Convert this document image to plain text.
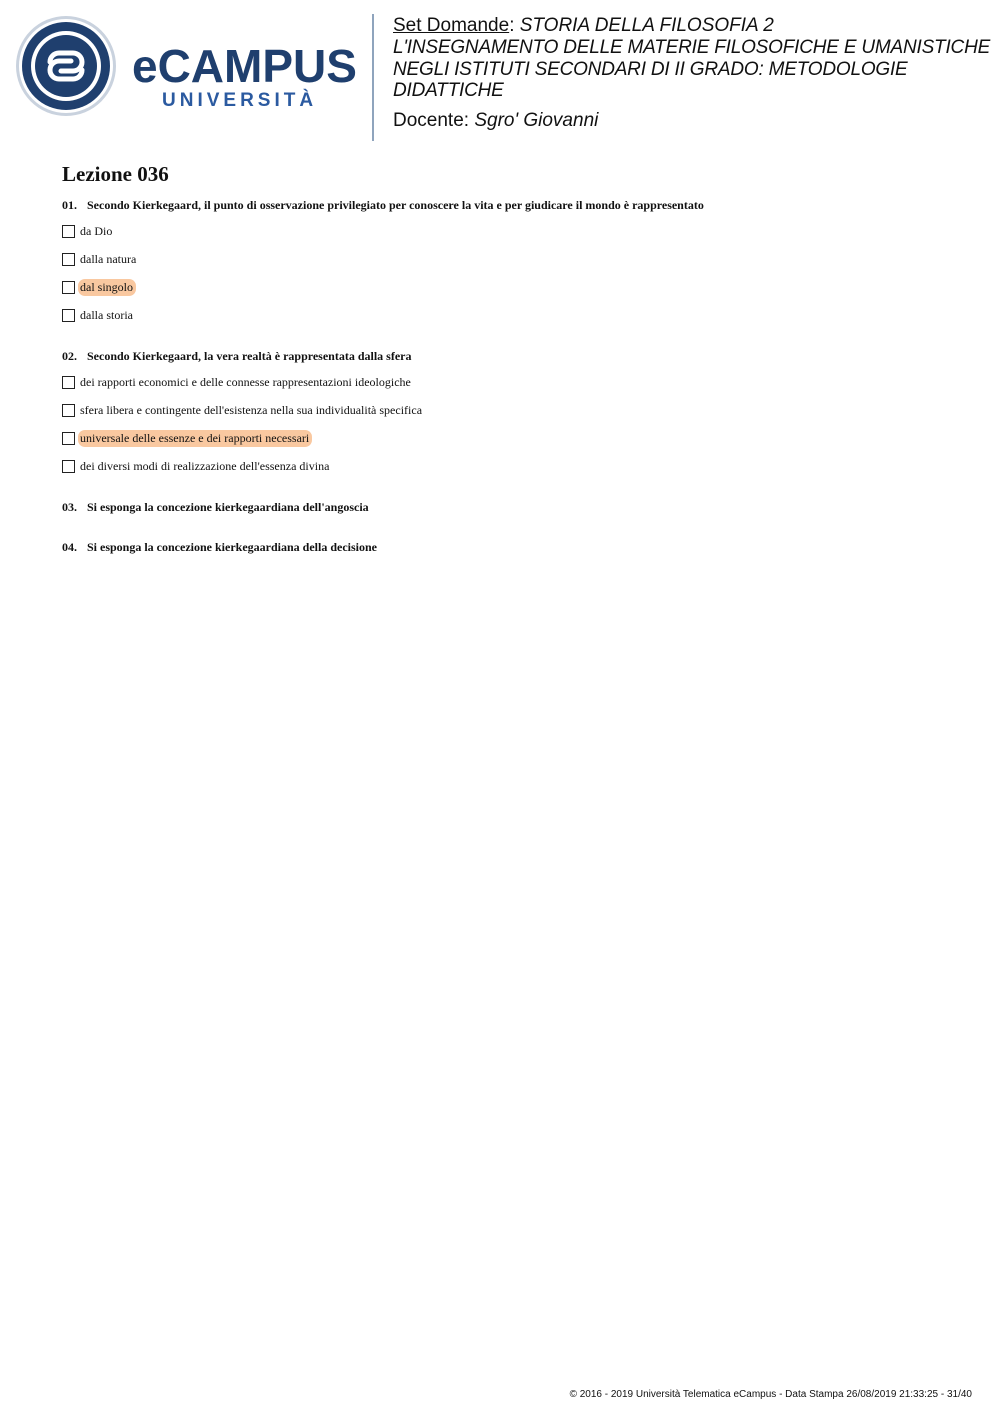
eCAMPUS
UNIVERSITÀ
Set Domande: STORIA DELLA FILOSOFIA 2
L'INSEGNAMENTO DELLE MATERIE FILOSOFICHE E UMANISTICHE
NEGLI ISTITUTI SECONDARI DI II GRADO: METODOLOGIE
DIDATTICHE
Docente: Sgro' Giovanni
Lezione 036
01. Secondo Kierkegaard, il punto di osservazione privilegiato per conoscere la vita e per giudicare il mondo è rappresentato
da Dio
dalla natura
dal singolo
dalla storia
02. Secondo Kierkegaard, la vera realtà è rappresentata dalla sfera
dei rapporti economici e delle connesse rappresentazioni ideologiche
sfera libera e contingente dell'esistenza nella sua individualità specifica
universale delle essenze e dei rapporti necessari
dei diversi modi di realizzazione dell'essenza divina
03. Si esponga la concezione kierkegaardiana dell'angoscia
04. Si esponga la concezione kierkegaardiana della decisione
© 2016 - 2019 Università Telematica eCampus - Data Stampa 26/08/2019 21:33:25 - 31/40
